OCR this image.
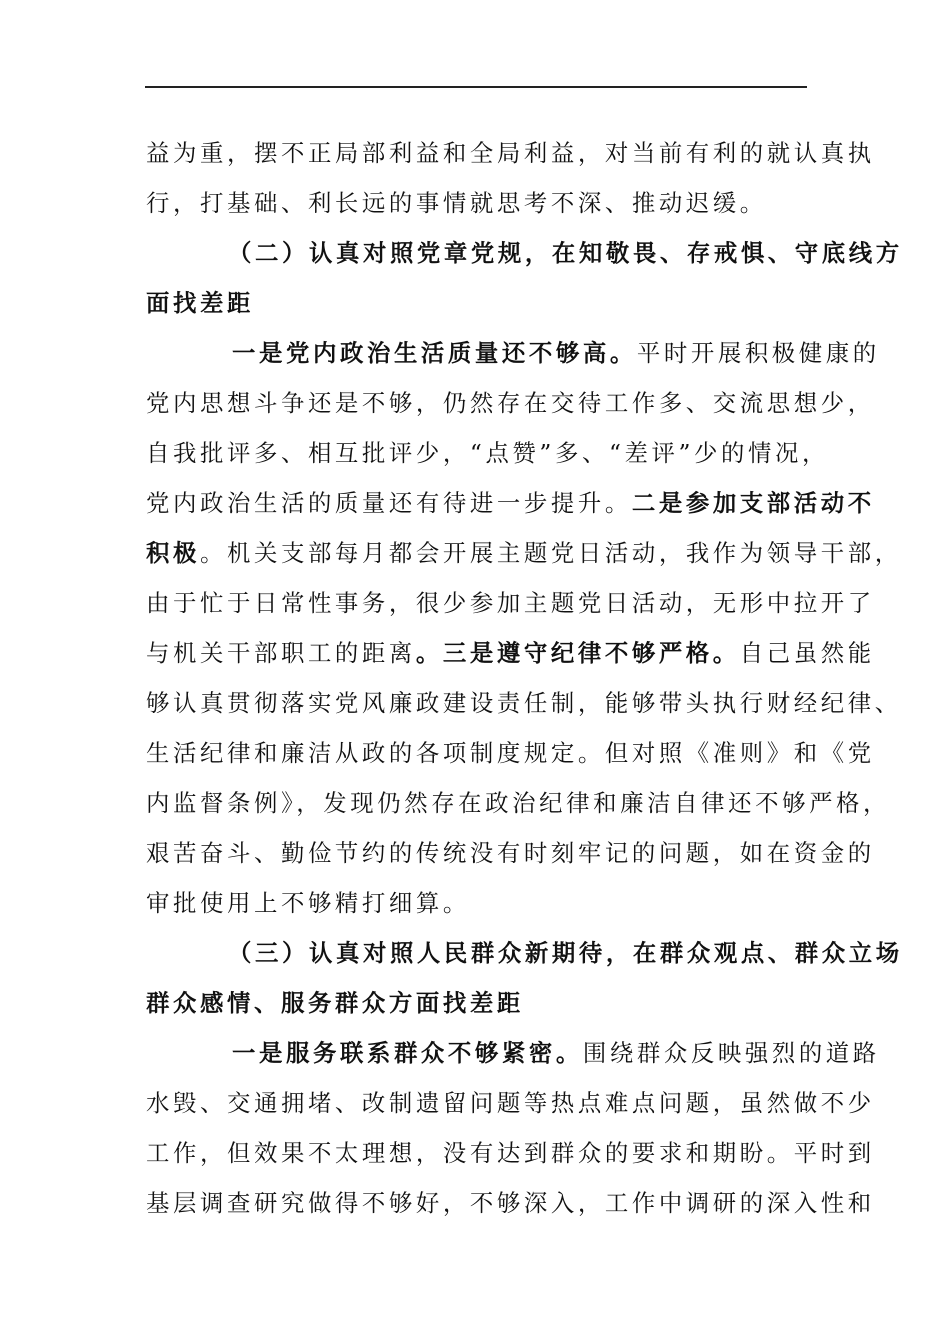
益为重，摆不正局部利益和全局利益，对当前有利的就认真执
行，打基础、利长远的事情就思考不深、推动迟缓。
（二）认真对照党章党规，在知敬畏、存戒惧、守底线方
面找差距
一是党内政治生活质量还不够高。平时开展积极健康的
党内思想斗争还是不够，仍然存在交待工作多、交流思想少，
自我批评多、相互批评少，“点赞”多、“差评”少的情况，
党内政治生活的质量还有待进一步提升。二是参加支部活动不
积极。机关支部每月都会开展主题党日活动，我作为领导干部，
由于忙于日常性事务，很少参加主题党日活动，无形中拉开了
与机关干部职工的距离。三是遵守纪律不够严格。自己虽然能
够认真贯彻落实党风廉政建设责任制，能够带头执行财经纪律、
生活纪律和廉洁从政的各项制度规定。但对照《准则》和《党
内监督条例》，发现仍然存在政治纪律和廉洁自律还不够严格，
艰苦奋斗、勤俭节约的传统没有时刻牢记的问题，如在资金的
审批使用上不够精打细算。
（三）认真对照人民群众新期待，在群众观点、群众立场
群众感情、服务群众方面找差距
一是服务联系群众不够紧密。围绕群众反映强烈的道路
水毁、交通拥堵、改制遗留问题等热点难点问题，虽然做不少
工作，但效果不太理想，没有达到群众的要求和期盼。平时到
基层调查研究做得不够好，不够深入，工作中调研的深入性和
